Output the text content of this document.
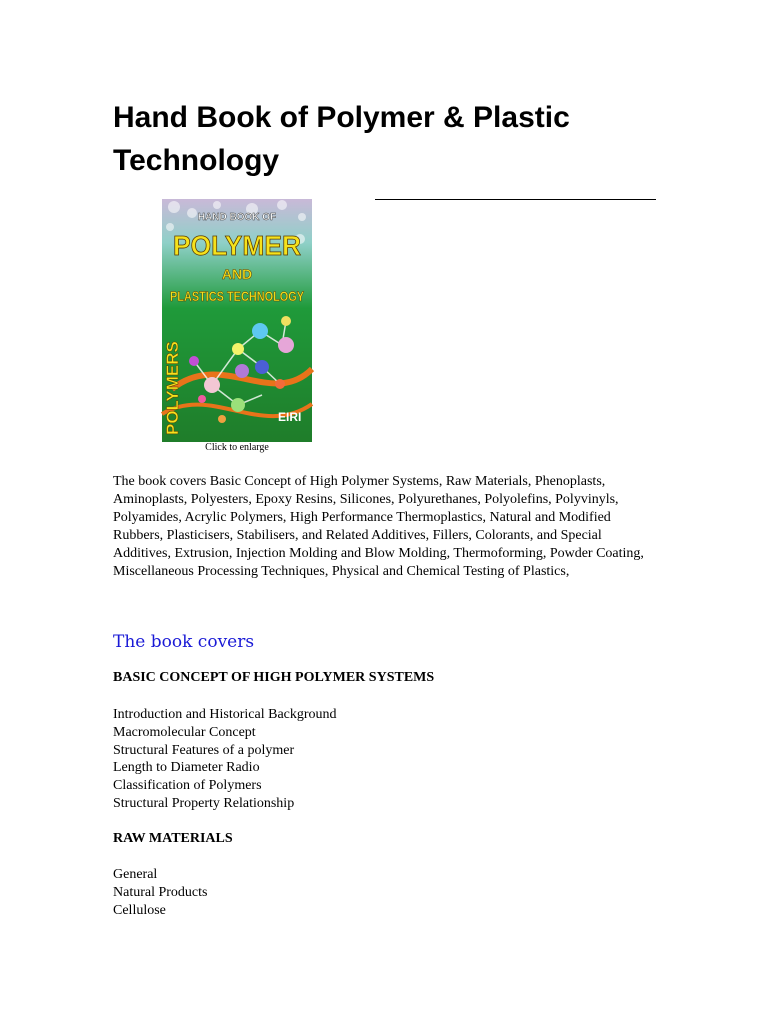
Hand Book of Polymer & Plastic Technology
HAND BOOK OF
POLYMER
AND
PLASTICS TECHNOLOGY
POLYMERS	EIRI
Click to enlarge

The book covers Basic Concept of High Polymer Systems, Raw Materials, Phenoplasts, Aminoplasts, Polyesters, Epoxy Resins, Silicones, Polyurethanes, Polyolefins, Polyvinyls, Polyamides, Acrylic Polymers, High Performance Thermoplastics, Natural and Modified Rubbers, Plasticisers, Stabilisers, and Related Additives, Fillers, Colorants, and Special Additives, Extrusion, Injection Molding and Blow Molding, Thermoforming, Powder Coating, Miscellaneous Processing Techniques, Physical and Chemical Testing of Plastics,

The book covers
BASIC CONCEPT OF HIGH POLYMER SYSTEMS
Introduction and Historical Background
Macromolecular Concept
Structural Features of a polymer
Length to Diameter Radio
Classification of Polymers
Structural Property Relationship
RAW MATERIALS
General
Natural Products
Cellulose
